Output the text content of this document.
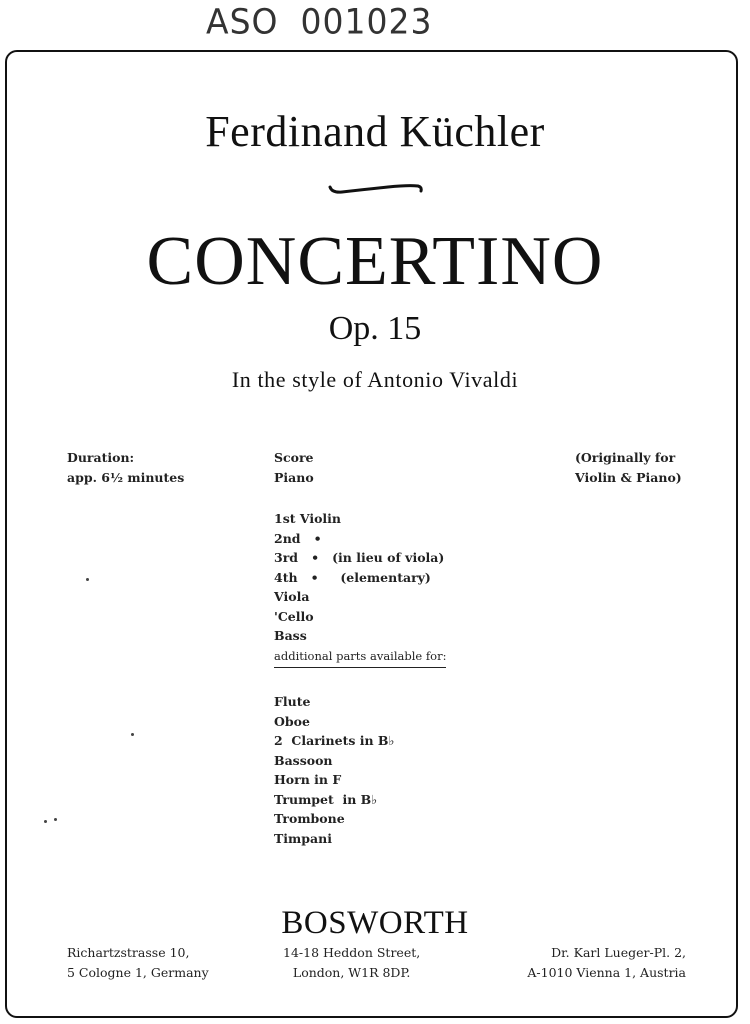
ASO 001023
Ferdinand Küchler
CONCERTINO
Op. 15
In the style of Antonio Vivaldi
Duration:
app. 6½ minutes
(Originally for
Violin & Piano)
Score
Piano
1st Violin
2nd   •
3rd   •   (in lieu of viola)
4th   •     (elementary)
Viola
'Cello
Bass
additional parts available for:
Flute
Oboe
2  Clarinets in B♭
Bassoon
Horn in F
Trumpet  in B♭
Trombone
Timpani
BOSWORTH
Richartzstrasse 10,
5 Cologne 1, Germany
14-18 Heddon Street,
London, W1R 8DP.
Dr. Karl Lueger-Pl. 2,
A-1010 Vienna 1, Austria
